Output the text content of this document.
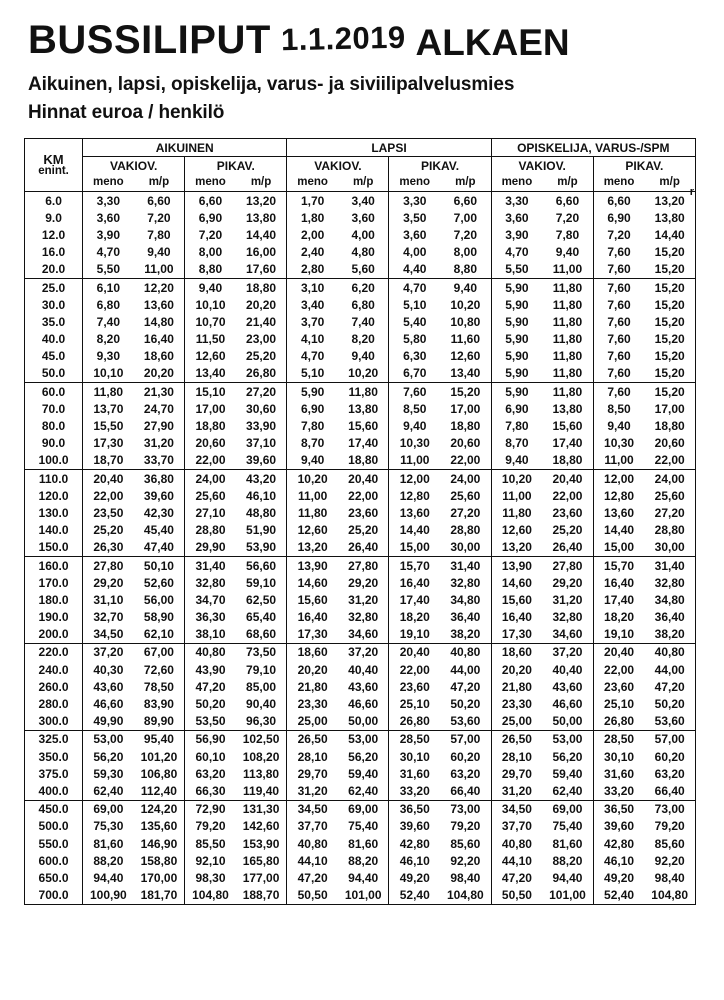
BUSSILIPUT 1.1.2019 ALKAEN
Aikuinen, lapsi, opiskelija, varus- ja siviilipalvelusmies
Hinnat euroa / henkilö
r
KM
enint.	AIKUINEN				LAPSI				OPISKELIJA, VARUS-/SPM			
	VAKIOV.		PIKAV.		VAKIOV.		PIKAV.		VAKIOV.		PIKAV.	
	meno	m/p	meno	m/p	meno	m/p	meno	m/p	meno	m/p	meno	m/p
6.0	3,30	6,60	6,60	13,20	1,70	3,40	3,30	6,60	3,30	6,60	6,60	13,20
9.0	3,60	7,20	6,90	13,80	1,80	3,60	3,50	7,00	3,60	7,20	6,90	13,80
12.0	3,90	7,80	7,20	14,40	2,00	4,00	3,60	7,20	3,90	7,80	7,20	14,40
16.0	4,70	9,40	8,00	16,00	2,40	4,80	4,00	8,00	4,70	9,40	7,60	15,20
20.0	5,50	11,00	8,80	17,60	2,80	5,60	4,40	8,80	5,50	11,00	7,60	15,20
25.0	6,10	12,20	9,40	18,80	3,10	6,20	4,70	9,40	5,90	11,80	7,60	15,20
30.0	6,80	13,60	10,10	20,20	3,40	6,80	5,10	10,20	5,90	11,80	7,60	15,20
35.0	7,40	14,80	10,70	21,40	3,70	7,40	5,40	10,80	5,90	11,80	7,60	15,20
40.0	8,20	16,40	11,50	23,00	4,10	8,20	5,80	11,60	5,90	11,80	7,60	15,20
45.0	9,30	18,60	12,60	25,20	4,70	9,40	6,30	12,60	5,90	11,80	7,60	15,20
50.0	10,10	20,20	13,40	26,80	5,10	10,20	6,70	13,40	5,90	11,80	7,60	15,20
60.0	11,80	21,30	15,10	27,20	5,90	11,80	7,60	15,20	5,90	11,80	7,60	15,20
70.0	13,70	24,70	17,00	30,60	6,90	13,80	8,50	17,00	6,90	13,80	8,50	17,00
80.0	15,50	27,90	18,80	33,90	7,80	15,60	9,40	18,80	7,80	15,60	9,40	18,80
90.0	17,30	31,20	20,60	37,10	8,70	17,40	10,30	20,60	8,70	17,40	10,30	20,60
100.0	18,70	33,70	22,00	39,60	9,40	18,80	11,00	22,00	9,40	18,80	11,00	22,00
110.0	20,40	36,80	24,00	43,20	10,20	20,40	12,00	24,00	10,20	20,40	12,00	24,00
120.0	22,00	39,60	25,60	46,10	11,00	22,00	12,80	25,60	11,00	22,00	12,80	25,60
130.0	23,50	42,30	27,10	48,80	11,80	23,60	13,60	27,20	11,80	23,60	13,60	27,20
140.0	25,20	45,40	28,80	51,90	12,60	25,20	14,40	28,80	12,60	25,20	14,40	28,80
150.0	26,30	47,40	29,90	53,90	13,20	26,40	15,00	30,00	13,20	26,40	15,00	30,00
160.0	27,80	50,10	31,40	56,60	13,90	27,80	15,70	31,40	13,90	27,80	15,70	31,40
170.0	29,20	52,60	32,80	59,10	14,60	29,20	16,40	32,80	14,60	29,20	16,40	32,80
180.0	31,10	56,00	34,70	62,50	15,60	31,20	17,40	34,80	15,60	31,20	17,40	34,80
190.0	32,70	58,90	36,30	65,40	16,40	32,80	18,20	36,40	16,40	32,80	18,20	36,40
200.0	34,50	62,10	38,10	68,60	17,30	34,60	19,10	38,20	17,30	34,60	19,10	38,20
220.0	37,20	67,00	40,80	73,50	18,60	37,20	20,40	40,80	18,60	37,20	20,40	40,80
240.0	40,30	72,60	43,90	79,10	20,20	40,40	22,00	44,00	20,20	40,40	22,00	44,00
260.0	43,60	78,50	47,20	85,00	21,80	43,60	23,60	47,20	21,80	43,60	23,60	47,20
280.0	46,60	83,90	50,20	90,40	23,30	46,60	25,10	50,20	23,30	46,60	25,10	50,20
300.0	49,90	89,90	53,50	96,30	25,00	50,00	26,80	53,60	25,00	50,00	26,80	53,60
325.0	53,00	95,40	56,90	102,50	26,50	53,00	28,50	57,00	26,50	53,00	28,50	57,00
350.0	56,20	101,20	60,10	108,20	28,10	56,20	30,10	60,20	28,10	56,20	30,10	60,20
375.0	59,30	106,80	63,20	113,80	29,70	59,40	31,60	63,20	29,70	59,40	31,60	63,20
400.0	62,40	112,40	66,30	119,40	31,20	62,40	33,20	66,40	31,20	62,40	33,20	66,40
450.0	69,00	124,20	72,90	131,30	34,50	69,00	36,50	73,00	34,50	69,00	36,50	73,00
500.0	75,30	135,60	79,20	142,60	37,70	75,40	39,60	79,20	37,70	75,40	39,60	79,20
550.0	81,60	146,90	85,50	153,90	40,80	81,60	42,80	85,60	40,80	81,60	42,80	85,60
600.0	88,20	158,80	92,10	165,80	44,10	88,20	46,10	92,20	44,10	88,20	46,10	92,20
650.0	94,40	170,00	98,30	177,00	47,20	94,40	49,20	98,40	47,20	94,40	49,20	98,40
700.0	100,90	181,70	104,80	188,70	50,50	101,00	52,40	104,80	50,50	101,00	52,40	104,80
